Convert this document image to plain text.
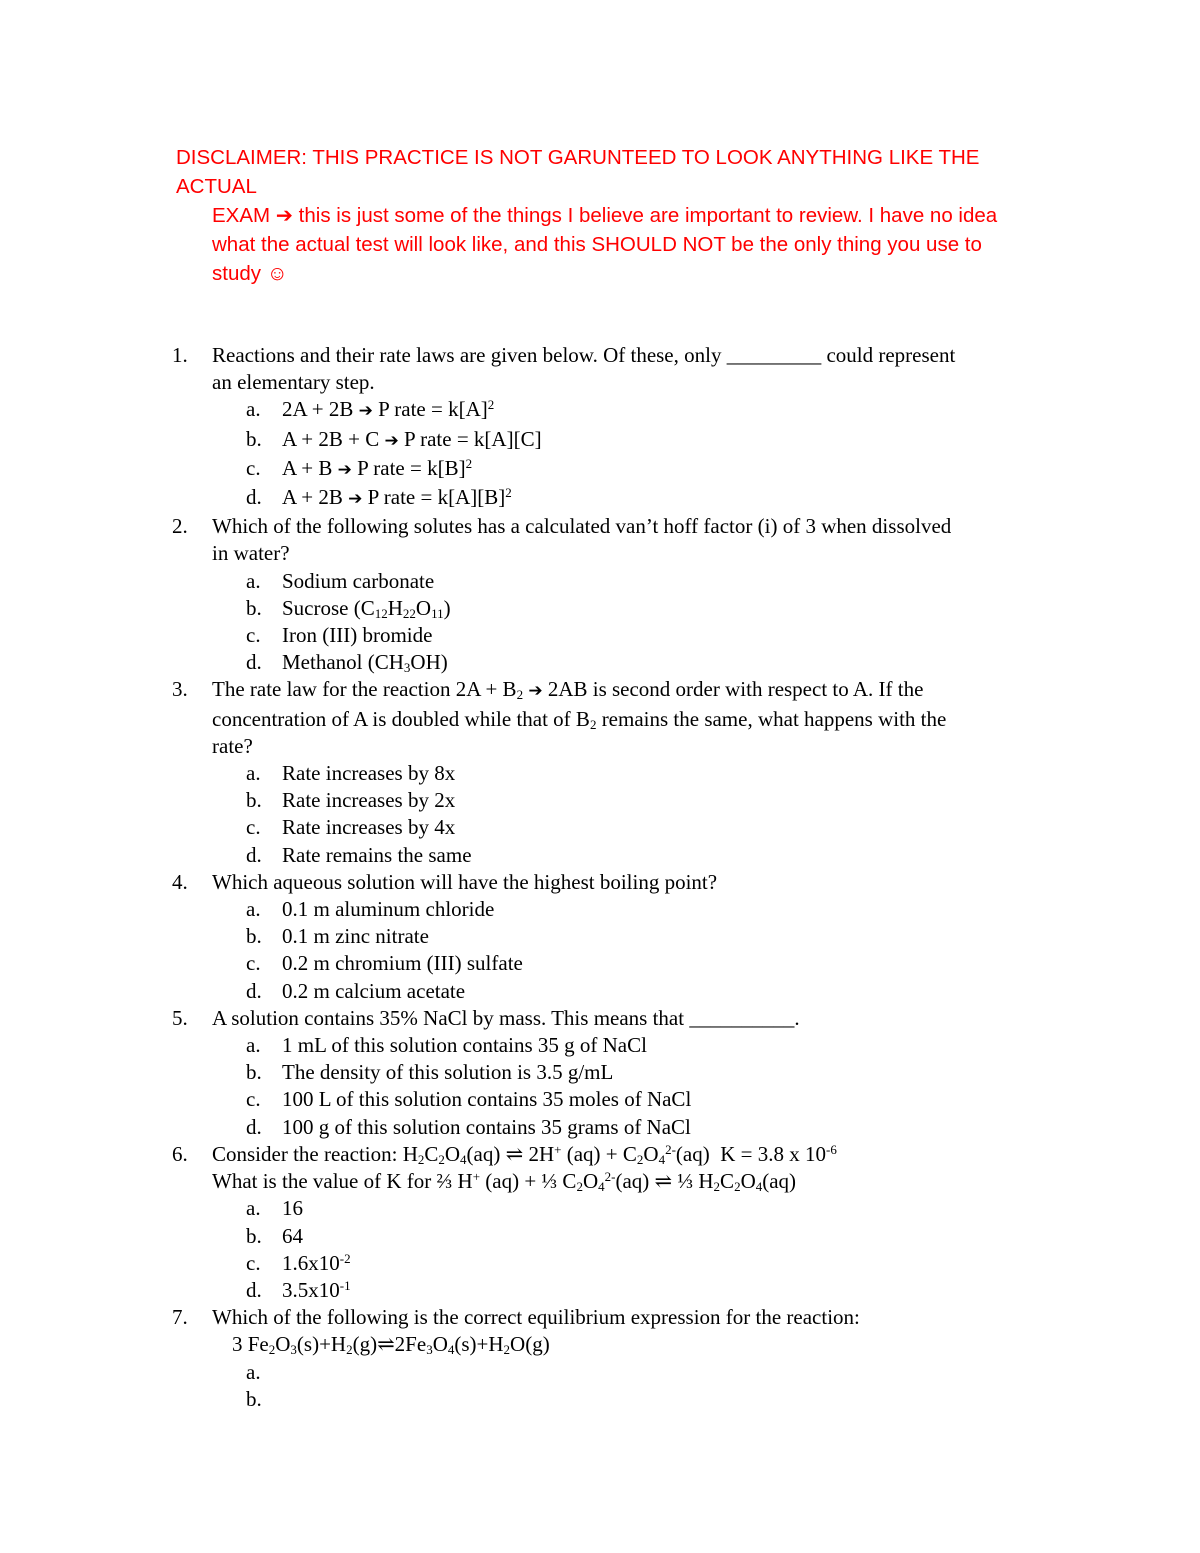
DISCLAIMER: THIS PRACTICE IS NOT GARUNTEED TO LOOK ANYTHING LIKE THE ACTUAL
EXAM ➔ this is just some of the things I believe are important to review. I have no idea
what the actual test will look like, and this SHOULD NOT be the only thing you use to
study ☺
1.	Reactions and their rate laws are given below. Of these, only _________ could represent
an elementary step.
a. 2A + 2B ➔ P rate = $k[A]^2$
b. A + 2B + C ➔ P rate = k[A][C]
c. A + B ➔ P rate = $k[B]^2$
d. A + 2B ➔ P rate = $k[A][B]^2$
2.	Which of the following solutes has a calculated van’t hoff factor (i) of 3 when dissolved
in water?
a. Sodium carbonate
b. Sucrose $(C_{12}H_{22}O_{11})$
c. Iron (III) bromide
d. Methanol $(CH_3OH)$
3.	The rate law for the reaction $2A + B_2$ ➔ 2AB is second order with respect to A. If the
concentration of A is doubled while that of $B_2$ remains the same, what happens with the
rate?
a. Rate increases by 8x
b. Rate increases by 2x
c. Rate increases by 4x
d. Rate remains the same
4.	Which aqueous solution will have the highest boiling point?
a. 0.1 m aluminum chloride
b. 0.1 m zinc nitrate
c. 0.2 m chromium (III) sulfate
d. 0.2 m calcium acetate
5.	A solution contains 35% NaCl by mass. This means that __________.
a. 1 mL of this solution contains 35 g of NaCl
b. The density of this solution is 3.5 g/mL
c. 100 L of this solution contains 35 moles of NaCl
d. 100 g of this solution contains 35 grams of NaCl
6.	Consider the reaction: $H_2C_2O_4(aq)$ ⇌ 2H+ $(aq) + C_2O_4^{2-}(aq) K = 3.8$ x $10^{-6}$
What is the value of K for ⅔ H+ (aq) + ⅓ $C_2O_4^{2-}(aq)$ ⇌ ⅓ $H_2C_2O_4(aq)$
a. 16
b. 64
c. $1.6x10^{-2}$
d. $3.5x10^{-1}$
7.	Which of the following is the correct equilibrium expression for the reaction:
3 $Fe_2O_3(s)+H_2(g)\rightleftharpoons 2Fe_3O_4(s)+H_2O(g)$
a.

b.
